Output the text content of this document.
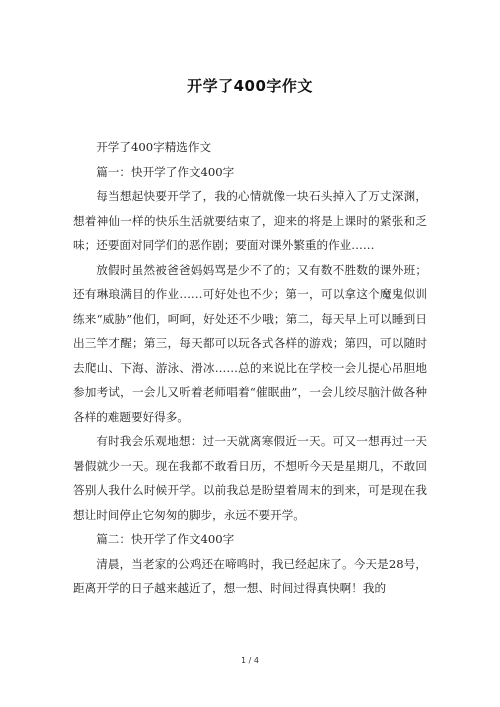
开学了400字作文

开学了400字精选作文

篇一：快开学了作文400字

每当想起快要开学了，我的心情就像一块石头掉入了万丈深渊，想着神仙一样的快乐生活就要结束了，迎来的将是上课时的紧张和乏味；还要面对同学们的恶作剧；要面对课外繁重的作业……

放假时虽然被爸爸妈妈骂是少不了的；又有数不胜数的课外班；还有琳琅满目的作业……可好处也不少；第一，可以拿这个魔鬼似训练来“威胁”他们，呵呵，好处还不少哦；第二，每天早上可以睡到日出三竿才醒；第三，每天都可以玩各式各样的游戏；第四，可以随时去爬山、下海、游泳、滑冰……总的来说比在学校一会儿提心吊胆地参加考试，一会儿又听着老师唱着“催眠曲”，一会儿绞尽脑汁做各种各样的难题要好得多。

有时我会乐观地想：过一天就离寒假近一天。可又一想再过一天暑假就少一天。现在我都不敢看日历，不想听今天是星期几，不敢回答别人我什么时候开学。以前我总是盼望着周末的到来，可是现在我想让时间停止它匆匆的脚步，永远不要开学。

篇二：快开学了作文400字

清晨，当老家的公鸡还在啼鸣时，我已经起床了。今天是28号，距离开学的日子越来越近了，想一想、时间过得真快啊！我的

1 / 4
